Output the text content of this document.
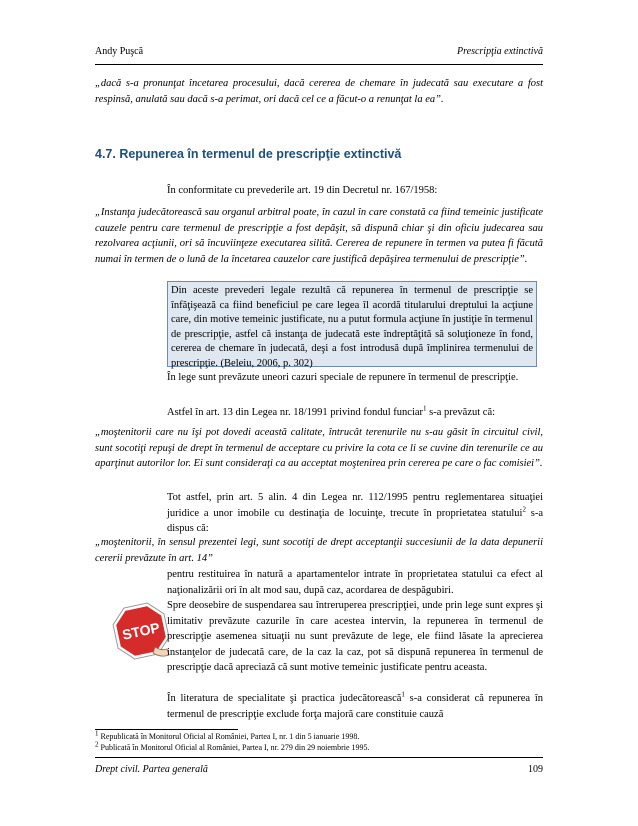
Andy Puşcă	Prescripţia extinctivă

„dacă s-a pronunţat încetarea procesului, dacă cererea de chemare în judecată sau executare a fost respinsă, anulată sau dacă s-a perimat, ori dacă cel ce a făcut-o a renunţat la ea”.

4.7. Repunerea în termenul de prescripţie extinctivă

În conformitate cu prevederile art. 19 din Decretul nr. 167/1958:

„Instanţa judecătorească sau organul arbitral poate, în cazul în care constată ca fiind temeinic justificate cauzele pentru care termenul de prescripţie a fost depăşit, să dispună chiar şi din oficiu judecarea sau rezolvarea acţiunii, ori să încuviinţeze executarea silită. Cererea de repunere în termen va putea fi făcută numai în termen de o lună de la încetarea cauzelor care justifică depăşirea termenului de prescripţie”.

Din aceste prevederi legale rezultă că repunerea în termenul de prescripţie se înfăţişează ca fiind beneficiul pe care legea îl acordă titularului dreptului la acţiune care, din motive temeinic justificate, nu a putut formula acţiune în justiţie în termenul de prescripţie, astfel că instanţa de judecată este îndreptăţită să soluţioneze în fond, cererea de chemare în judecată, deşi a fost introdusă după împlinirea termenului de prescripţie. (Beleiu, 2006, p. 302)

În lege sunt prevăzute uneori cazuri speciale de repunere în termenul de prescripţie.

Astfel în art. 13 din Legea nr. 18/1991 privind fondul funciar$^1$ s-a prevăzut că:

„moştenitorii care nu îşi pot dovedi această calitate, întrucât terenurile nu s-au găsit în circuitul civil, sunt socotiţi repuşi de drept în termenul de acceptare cu privire la cota ce li se cuvine din terenurile ce au aparţinut autorilor lor. Ei sunt consideraţi ca au acceptat moştenirea prin cererea pe care o fac comisiei”.

Tot astfel, prin art. 5 alin. 4 din Legea nr. 112/1995 pentru reglementarea situaţiei juridice a unor imobile cu destinaţia de locuinţe, trecute în proprietatea statului$^2$ s-a dispus că:

„moştenitorii, în sensul prezentei legi, sunt socotiţi de drept acceptanţii succesiunii de la data depunerii cererii prevăzute în art. 14”

pentru restituirea în natură a apartamentelor intrate în proprietatea statului ca efect al naţionalizării ori în alt mod sau, după caz, acordarea de despăgubiri.

STOP

Spre deosebire de suspendarea sau întreruperea prescripţiei, unde prin lege sunt expres şi limitativ prevăzute cazurile în care acestea intervin, la repunerea în termenul de prescripţie asemenea situaţii nu sunt prevăzute de lege, ele fiind lăsate la aprecierea instanţelor de judecată care, de la caz la caz, pot să dispună repunerea în termenul de prescripţie dacă apreciază că sunt motive temeinic justificate pentru aceasta.

În literatura de specialitate şi practica judecătorească$^1$ s-a considerat că repunerea în termenul de prescripţie exclude forţa majoră care constituie cauză

$^1$ Republicată în Monitorul Oficial al României, Partea I, nr. 1 din 5 ianuarie 1998.
$^2$ Publicată în Monitorul Oficial al României, Partea I, nr. 279 din 29 noiembrie 1995.
Drept civil. Partea generală	109
